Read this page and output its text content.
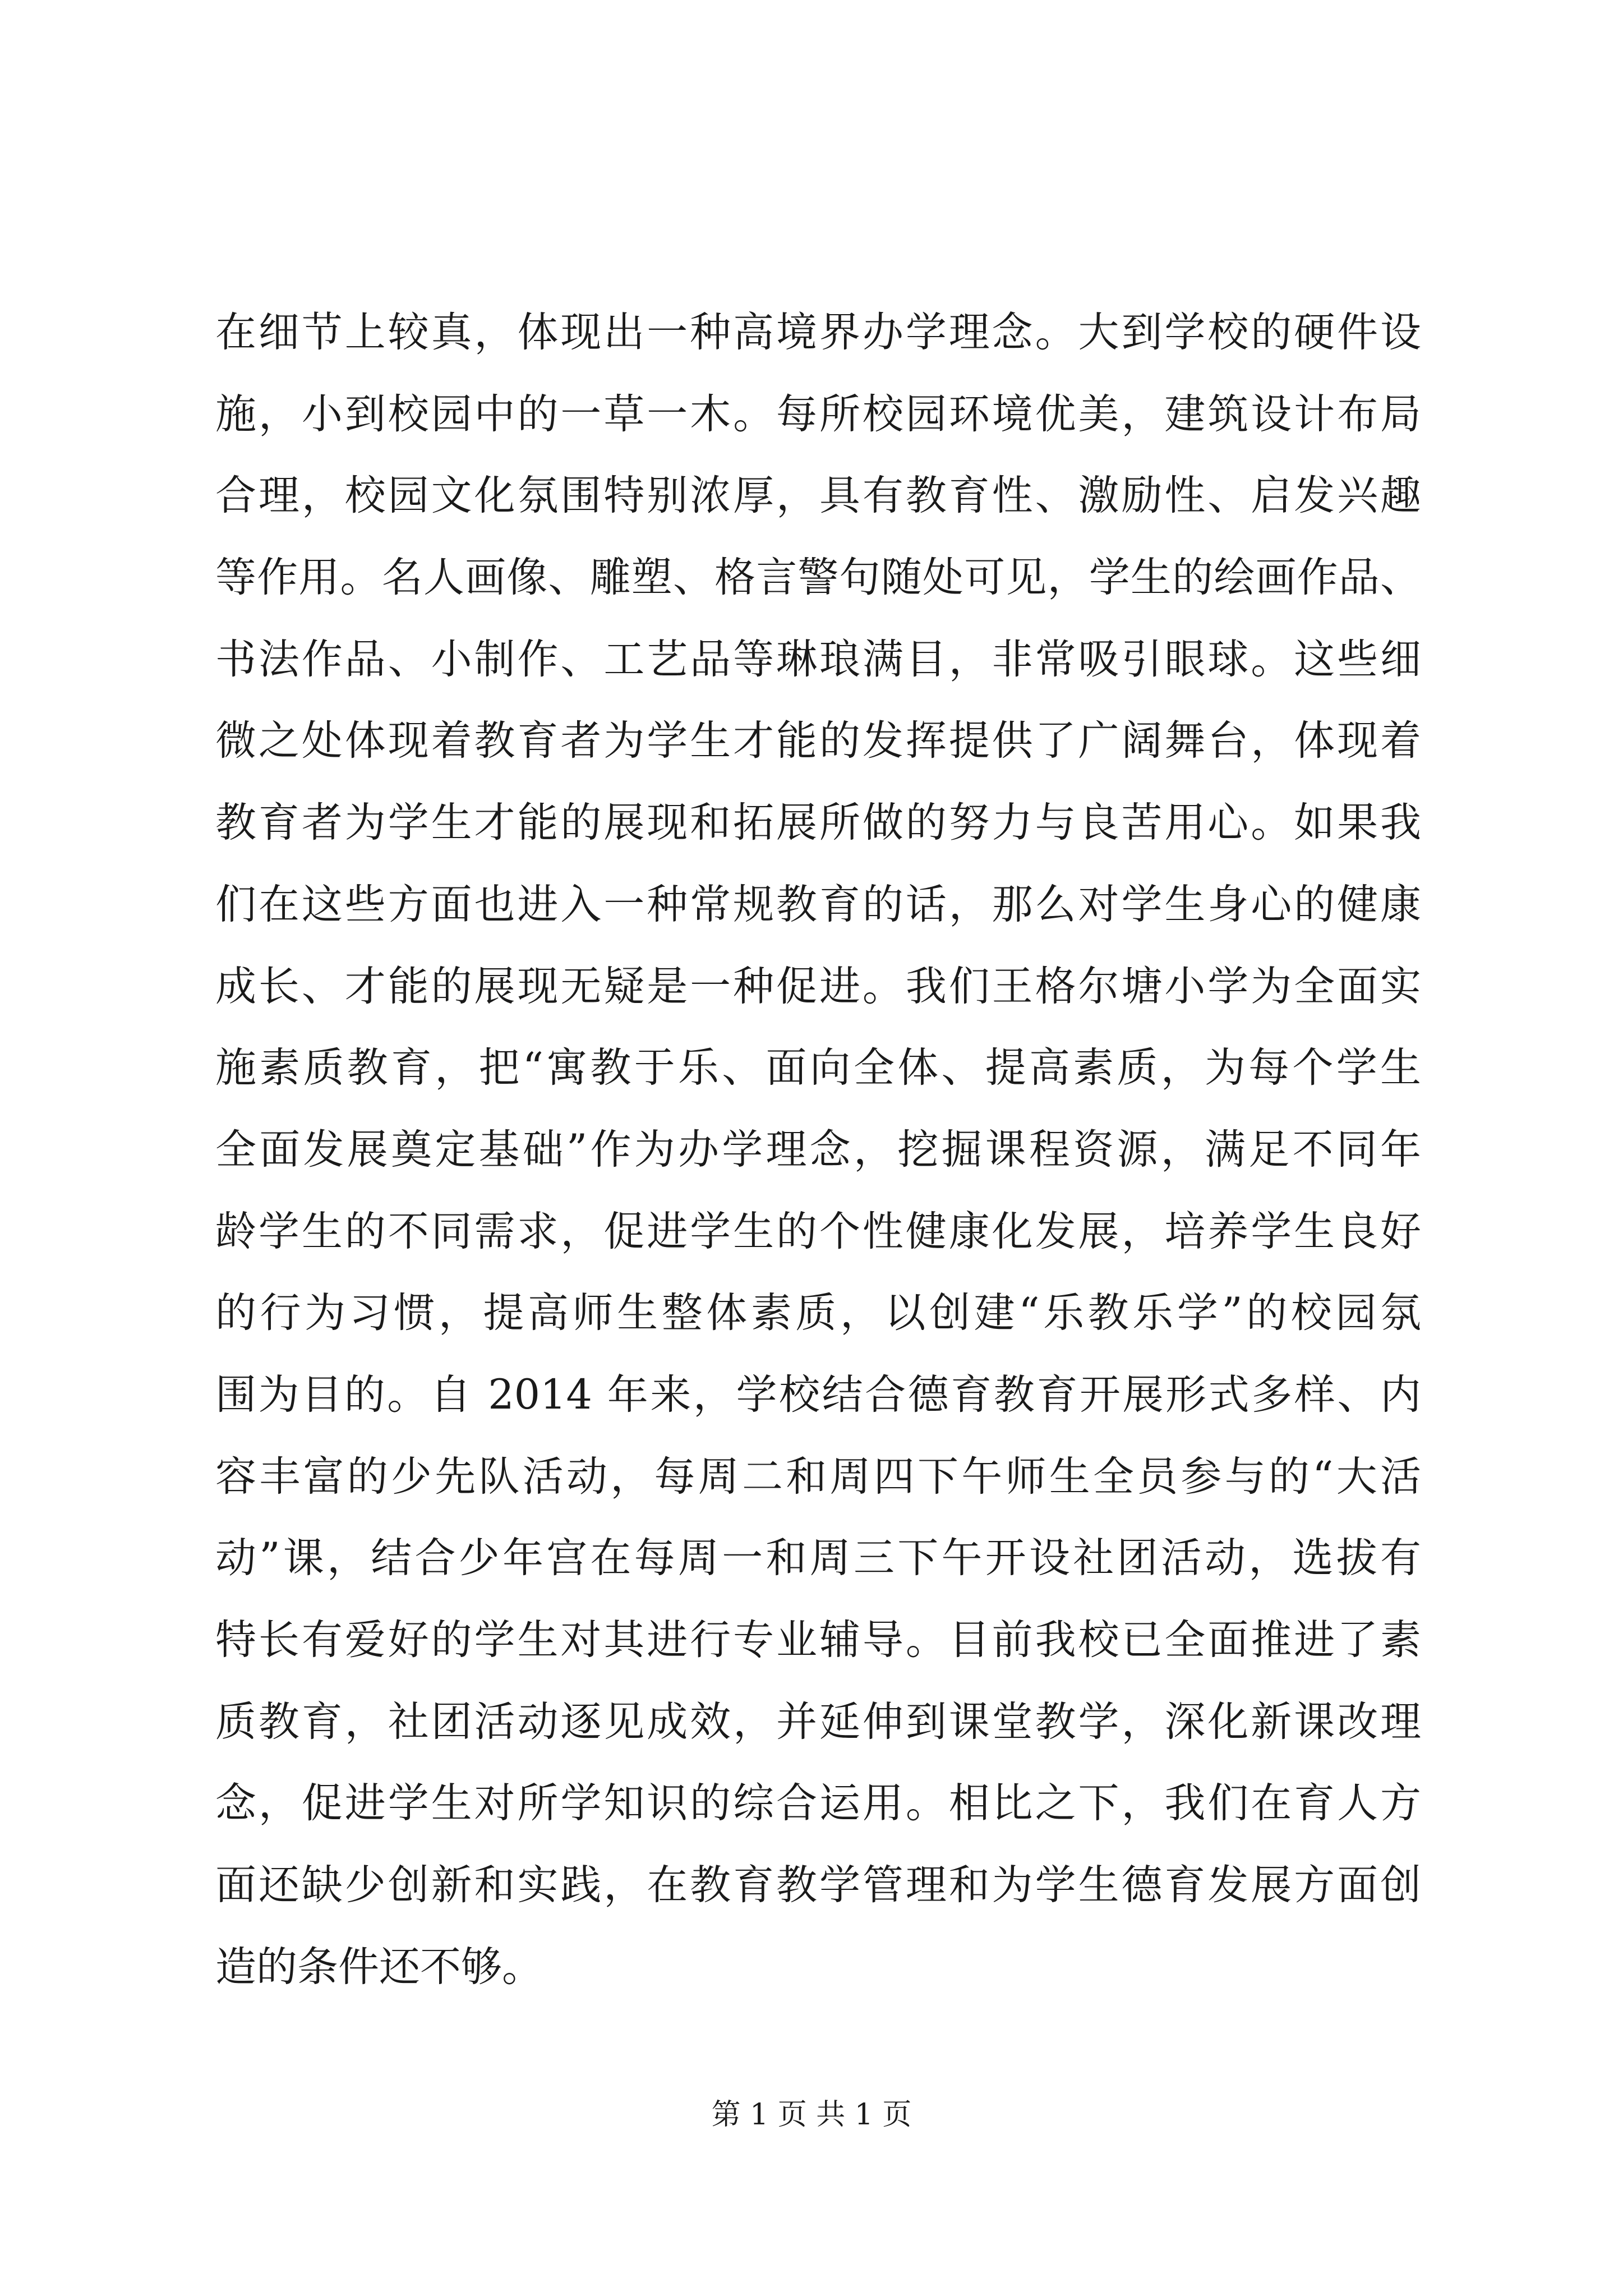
在细节上较真，体现出一种高境界办学理念。大到学校的硬件设
施，小到校园中的一草一木。每所校园环境优美，建筑设计布局
合理，校园文化氛围特别浓厚，具有教育性、激励性、启发兴趣
等作用。名人画像、雕塑、格言警句随处可见，学生的绘画作品、
书法作品、小制作、工艺品等琳琅满目，非常吸引眼球。这些细
微之处体现着教育者为学生才能的发挥提供了广阔舞台，体现着
教育者为学生才能的展现和拓展所做的努力与良苦用心。如果我
们在这些方面也进入一种常规教育的话，那么对学生身心的健康
成长、才能的展现无疑是一种促进。我们王格尔塘小学为全面实
施素质教育，把“寓教于乐、面向全体、提高素质，为每个学生
全面发展奠定基础”作为办学理念，挖掘课程资源，满足不同年
龄学生的不同需求，促进学生的个性健康化发展，培养学生良好
的行为习惯，提高师生整体素质，以创建“乐教乐学”的校园氛
围为目的。自 2014 年来，学校结合德育教育开展形式多样、内
容丰富的少先队活动，每周二和周四下午师生全员参与的“大活
动”课，结合少年宫在每周一和周三下午开设社团活动，选拔有
特长有爱好的学生对其进行专业辅导。目前我校已全面推进了素
质教育，社团活动逐见成效，并延伸到课堂教学，深化新课改理
念，促进学生对所学知识的综合运用。相比之下，我们在育人方
面还缺少创新和实践，在教育教学管理和为学生德育发展方面创
造的条件还不够。
第 1 页 共 1 页
